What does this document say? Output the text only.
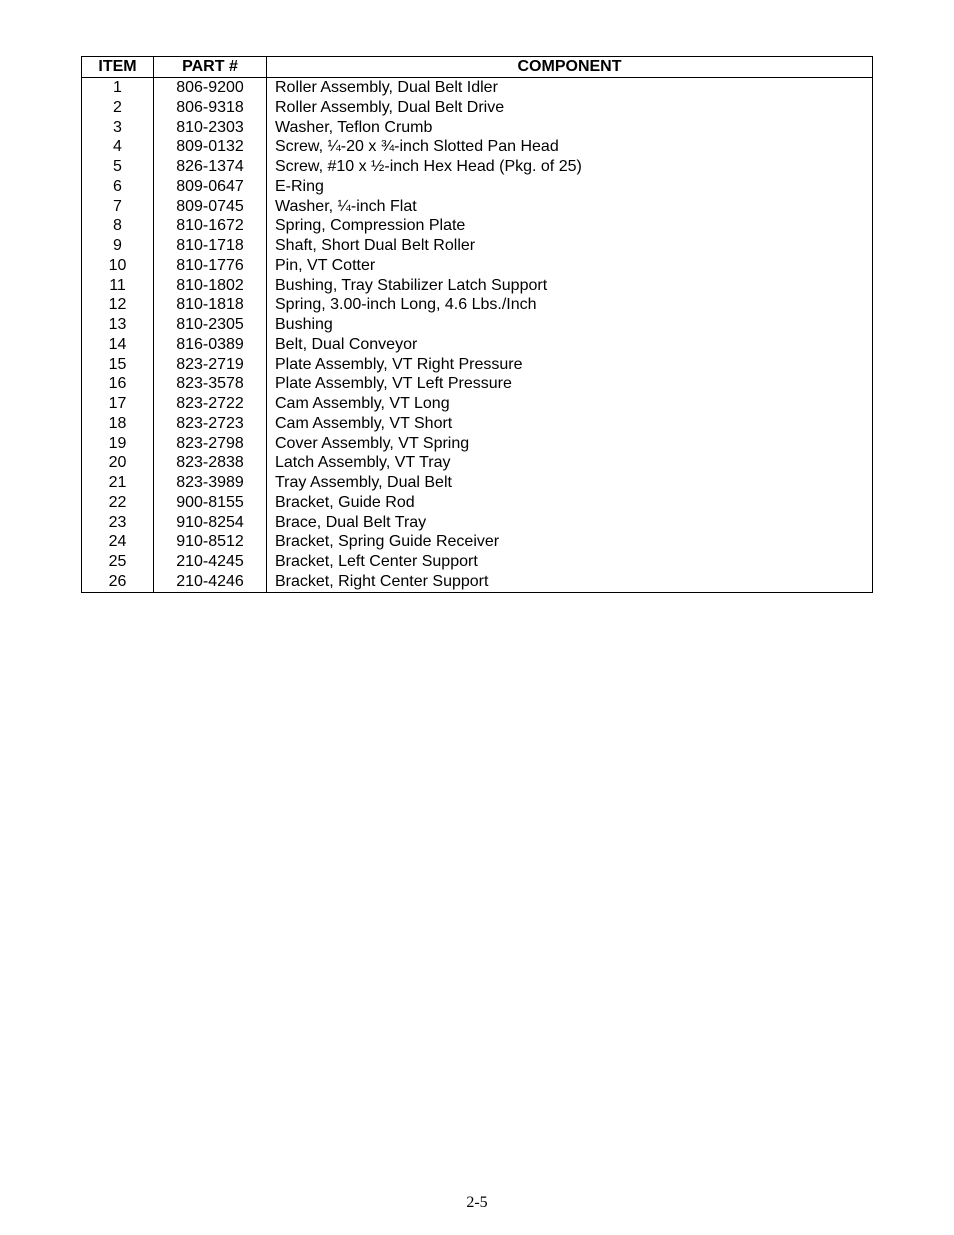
ITEM	PART #	COMPONENT
1	806-9200	Roller Assembly, Dual Belt Idler
2	806-9318	Roller Assembly, Dual Belt Drive
3	810-2303	Washer, Teflon Crumb
4	809-0132	Screw, ¼-20 x ¾-inch Slotted Pan Head
5	826-1374	Screw, #10 x ½-inch Hex Head (Pkg. of 25)
6	809-0647	E-Ring
7	809-0745	Washer, ¼-inch Flat
8	810-1672	Spring, Compression Plate
9	810-1718	Shaft, Short Dual Belt Roller
10	810-1776	Pin, VT Cotter
11	810-1802	Bushing, Tray Stabilizer Latch Support
12	810-1818	Spring, 3.00-inch Long, 4.6 Lbs./Inch
13	810-2305	Bushing
14	816-0389	Belt, Dual Conveyor
15	823-2719	Plate Assembly, VT Right Pressure
16	823-3578	Plate Assembly, VT Left Pressure
17	823-2722	Cam Assembly, VT Long
18	823-2723	Cam Assembly, VT Short
19	823-2798	Cover Assembly, VT Spring
20	823-2838	Latch Assembly, VT Tray
21	823-3989	Tray Assembly, Dual Belt
22	900-8155	Bracket, Guide Rod
23	910-8254	Brace, Dual Belt Tray
24	910-8512	Bracket, Spring Guide Receiver
25	210-4245	Bracket, Left Center Support
26	210-4246	Bracket, Right Center Support
2-5
